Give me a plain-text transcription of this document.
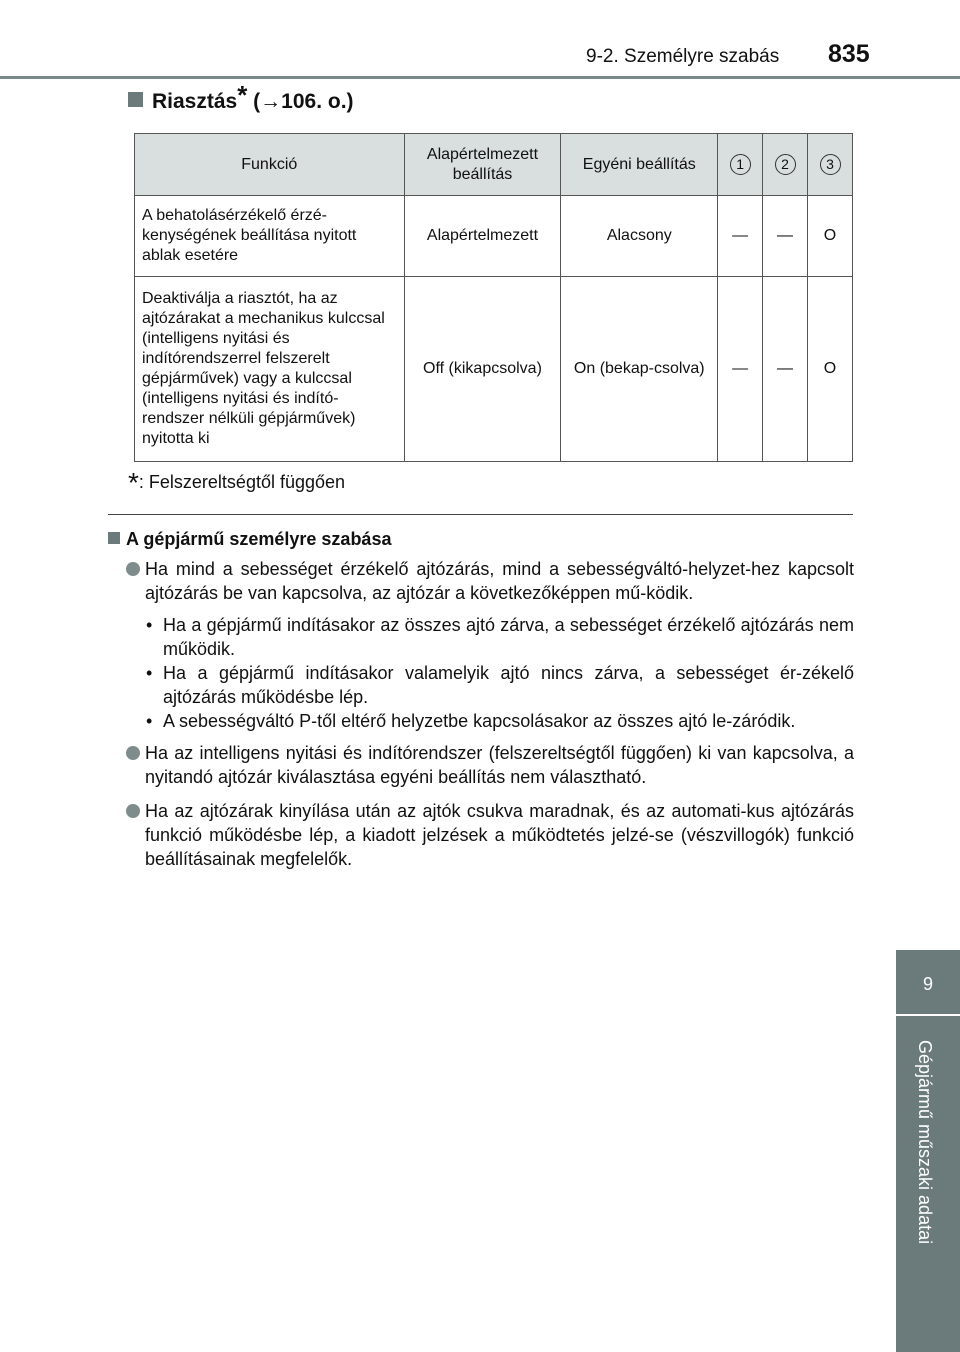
9-2. Személyre szabás 835
Riasztás* (→106. o.)
Funkció	Alapértelmezett beállítás	Egyéni beállítás	1	2	3
A behatolásérzékelő érzé-kenységének beállítása nyitott ablak esetére	Alapértelmezett	Alacsony	—	—	O
Deaktiválja a riasztót, ha az ajtózárakat a mechanikus kulccsal (intelligens nyitási és indítórendszerrel felszerelt gépjárművek) vagy a kulccsal (intelligens nyitási és indító-rendszer nélküli gépjárművek) nyitotta ki	Off (kikapcsolva)	On (bekap-csolva)	—	—	O
*: Felszereltségtől függően
A gépjármű személyre szabása
Ha mind a sebességet érzékelő ajtózárás, mind a sebességváltó-helyzet-hez kapcsolt ajtózárás be van kapcsolva, az ajtózár a következőképpen mű-ködik.
• Ha a gépjármű indításakor az összes ajtó zárva, a sebességet érzékelő ajtózárás nem működik.
• Ha a gépjármű indításakor valamelyik ajtó nincs zárva, a sebességet ér-zékelő ajtózárás működésbe lép.
• A sebességváltó P-től eltérő helyzetbe kapcsolásakor az összes ajtó le-záródik.
Ha az intelligens nyitási és indítórendszer (felszereltségtől függően) ki van kapcsolva, a nyitandó ajtózár kiválasztása egyéni beállítás nem választható.
Ha az ajtózárak kinyílása után az ajtók csukva maradnak, és az automati-kus ajtózárás funkció működésbe lép, a kiadott jelzések a működtetés jelzé-se (vészvillogók) funkció beállításainak megfelelők.
9
Gépjármű műszaki adatai
